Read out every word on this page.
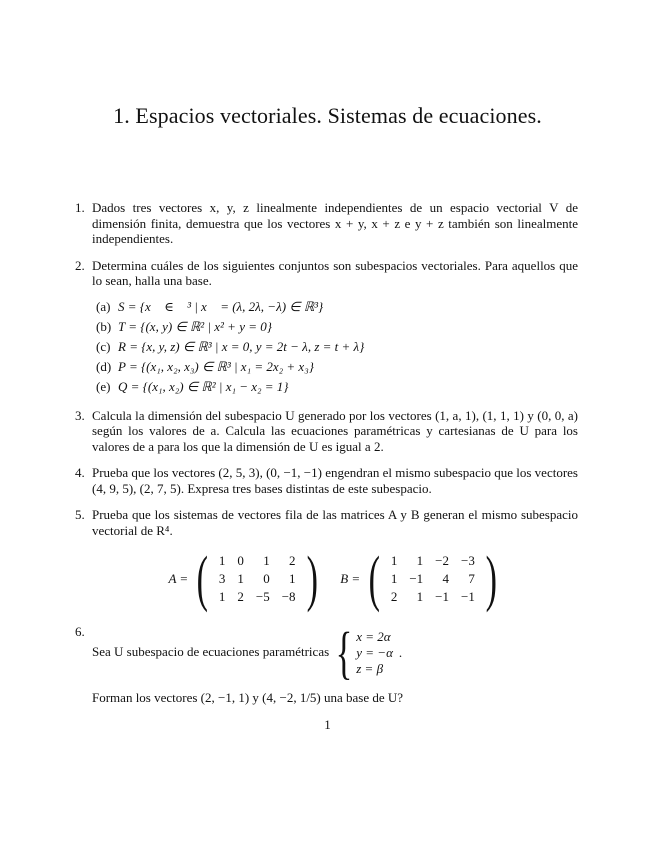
1. Espacios vectoriales. Sistemas de ecuaciones.
1. Dados tres vectores x, y, z linealmente independientes de un espacio vectorial V de dimensión finita, demuestra que los vectores x + y, x + z e y + z también son linealmente independientes.
2. Determina cuáles de los siguientes conjuntos son subespacios vectoriales. Para aquellos que lo sean, halla una base.
(a) S = {x⃗ ∈ ℝ³ | x⃗ = (λ, 2λ, −λ) ∈ ℝ³}
(b) T = {(x, y) ∈ ℝ² | x² + y = 0}
(c) R = {x, y, z) ∈ ℝ³ | x = 0, y = 2t − λ, z = t + λ}
(d) P = {(x₁, x₂, x₃) ∈ ℝ³ | x₁ = 2x₂ + x₃}
(e) Q = {(x₁, x₂) ∈ ℝ² | x₁ − x₂ = 1}
3. Calcula la dimensión del subespacio U generado por los vectores (1, a, 1), (1, 1, 1) y (0, 0, a) según los valores de a. Calcula las ecuaciones paramétricas y cartesianas de U para los valores de a para los que la dimensión de U es igual a 2.
4. Prueba que los vectores (2, 5, 3), (0, −1, −1) engendran el mismo subespacio que los vectores (4, 9, 5), (2, 7, 5). Expresa tres bases distintas de este subespacio.
5. Prueba que los sistemas de vectores fila de las matrices A y B generan el mismo subespacio vectorial de R⁴.
A = ( 1	0	1	2
3	1	0	1
1	2	−5	−8 ) B = ( 1	1	−2	−3
1	−1	4	7
2	1	−1	−1 )
6.
Sea U subespacio de ecuaciones paramétricas { x = 2α
y = −α
z = β
.
Forman los vectores (2, −1, 1) y (4, −2, 1/5) una base de U?
1
